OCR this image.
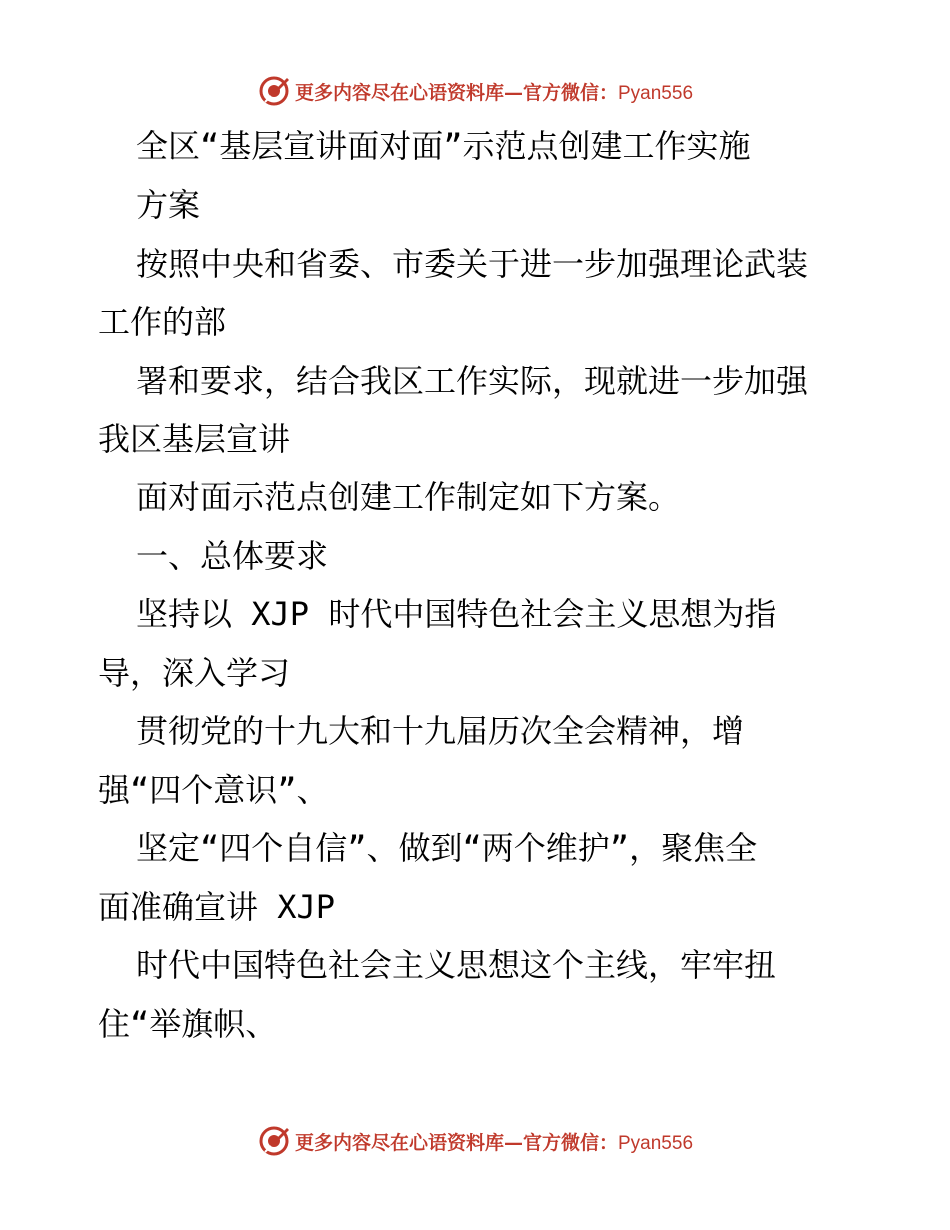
更多内容尽在心语资料库—官方微信：Pyan556
全区“基层宣讲面对面”示范点创建工作实施
方案
按照中央和省委、市委关于进一步加强理论武装
工作的部
署和要求，结合我区工作实际，现就进一步加强
我区基层宣讲
面对面示范点创建工作制定如下方案。
一、总体要求
坚持以 XJP 时代中国特色社会主义思想为指
导，深入学习
贯彻党的十九大和十九届历次全会精神，增
强“四个意识”、
坚定“四个自信”、做到“两个维护”，聚焦全
面准确宣讲 XJP
时代中国特色社会主义思想这个主线，牢牢扭
住“举旗帜、
更多内容尽在心语资料库—官方微信：Pyan556
